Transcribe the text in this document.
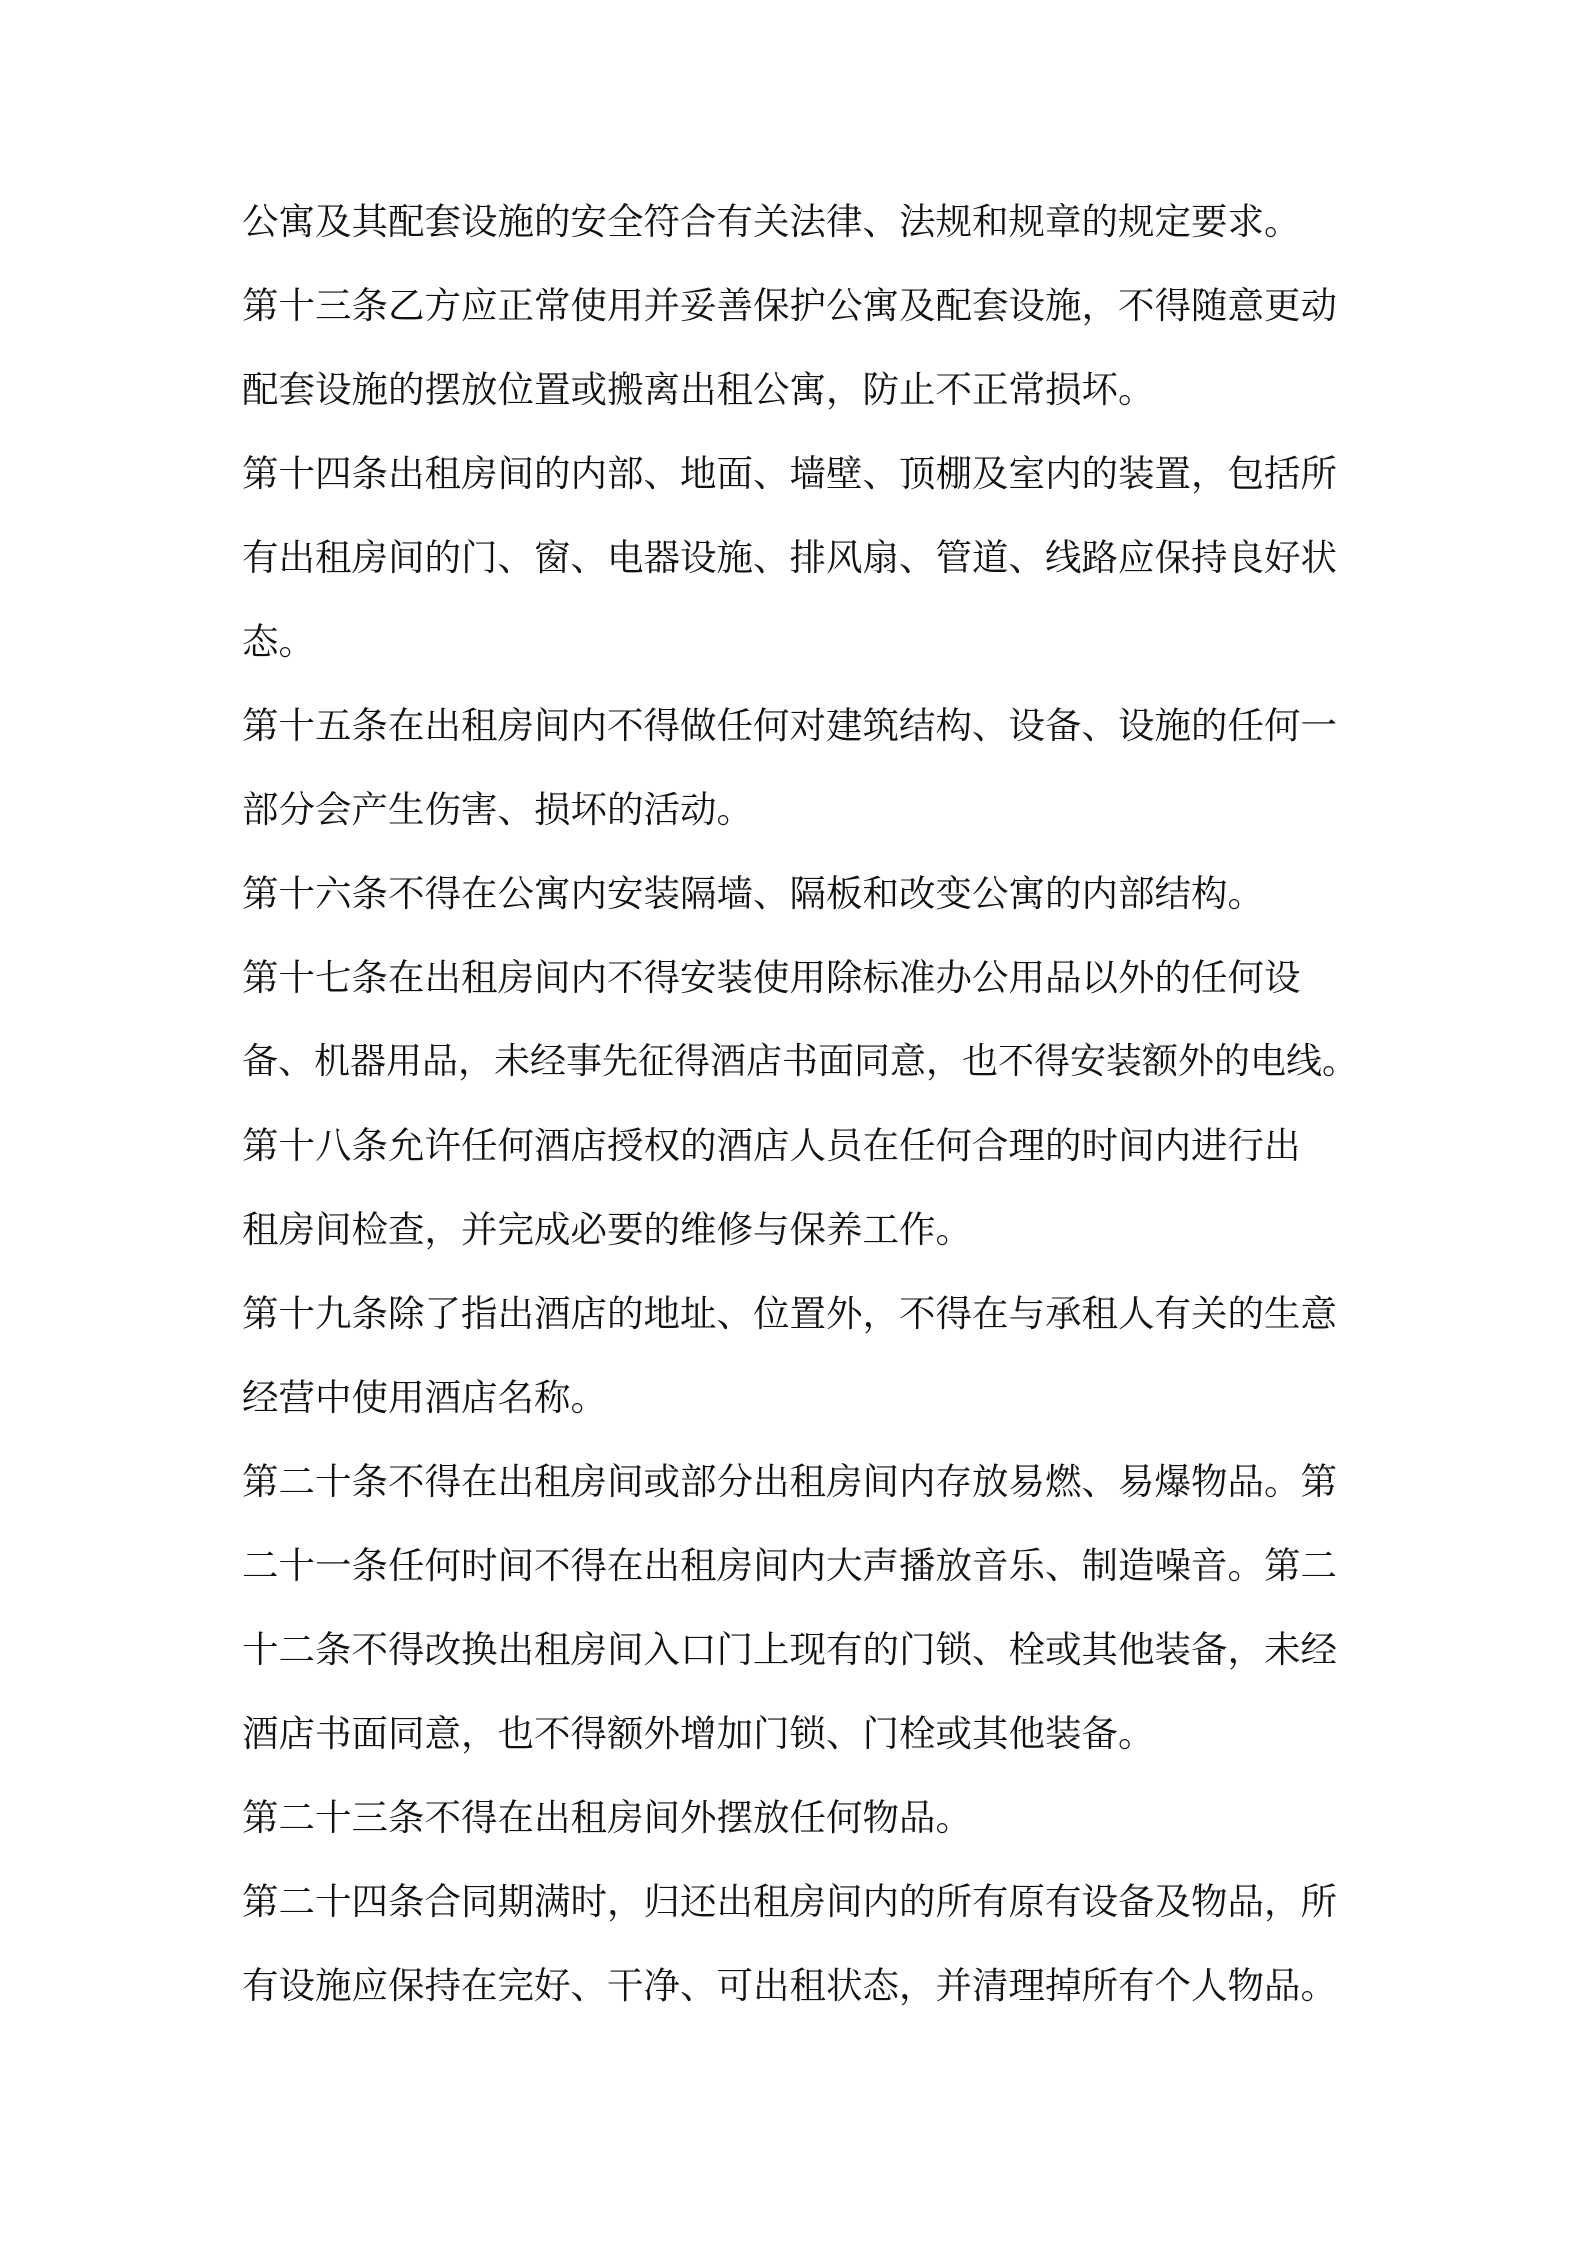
公寓及其配套设施的安全符合有关法律、法规和规章的规定要求。
第十三条乙方应正常使用并妥善保护公寓及配套设施，不得随意更动
配套设施的摆放位置或搬离出租公寓，防止不正常损坏。
第十四条出租房间的内部、地面、墙壁、顶棚及室内的装置，包括所
有出租房间的门、窗、电器设施、排风扇、管道、线路应保持良好状
态。
第十五条在出租房间内不得做任何对建筑结构、设备、设施的任何一
部分会产生伤害、损坏的活动。
第十六条不得在公寓内安装隔墙、隔板和改变公寓的内部结构。
第十七条在出租房间内不得安装使用除标准办公用品以外的任何设
备、机器用品，未经事先征得酒店书面同意，也不得安装额外的电线。
第十八条允许任何酒店授权的酒店人员在任何合理的时间内进行出
租房间检查，并完成必要的维修与保养工作。
第十九条除了指出酒店的地址、位置外，不得在与承租人有关的生意
经营中使用酒店名称。
第二十条不得在出租房间或部分出租房间内存放易燃、易爆物品。第
二十一条任何时间不得在出租房间内大声播放音乐、制造噪音。第二
十二条不得改换出租房间入口门上现有的门锁、栓或其他装备，未经
酒店书面同意，也不得额外增加门锁、门栓或其他装备。
第二十三条不得在出租房间外摆放任何物品。
第二十四条合同期满时，归还出租房间内的所有原有设备及物品，所
有设施应保持在完好、干净、可出租状态，并清理掉所有个人物品。
